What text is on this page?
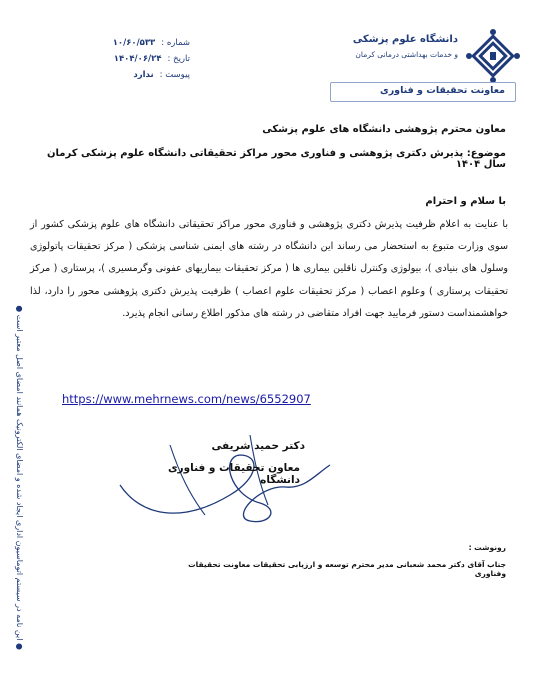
شماره :
۱۰/۶۰/۵۳۳
تاریخ :
۱۴۰۴/۰۶/۲۴
پیوست :
ندارد
دانشگاه علوم پزشکی
و خدمات بهداشتی درمانی کرمان
معاونت تحقیقات و فناوری
معاون محترم پژوهشی دانشگاه های علوم پزشکی
موضوع: پذیرش دکتری پژوهشی و فناوری محور مراکز تحقیقاتی دانشگاه علوم پزشکی کرمان سال ۱۴۰۴
با سلام و احترام
با عنایت به اعلام ظرفیت پذیرش دکتری پژوهشی و فناوری محور مراکز تحقیقاتی دانشگاه های علوم پزشکی کشور از سوی وزارت متبوع به استحضار می رساند این دانشگاه در رشته های ایمنی شناسی پزشکی ( مرکز تحقیقات پاتولوژی وسلول های بنیادی )، بیولوژی وکنترل ناقلین بیماری ها ( مرکز تحقیقات بیماریهای عفونی وگرمسیری )، پرستاری ( مرکز تحقیقات پرستاری ) وعلوم اعصاب ( مرکز تحقیقات علوم اعصاب ) ظرفیت پذیرش دکتری پژوهشی محور را دارد، لذا خواهشمنداست دستور فرمایید جهت افراد متقاضی در رشته های مذکور اطلاع رسانی انجام پذیرد.
https://www.mehrnews.com/news/6552907
دکتر حمید شریفی
معاون تحقیقات و فناوری دانشگاه
رونوشت :
جناب آقای دکتر محمد شعبانی مدیر محترم توسعه و ارزیابی تحقیقات معاونت تحقیقات وفناوری
● این نامه در سیستم اتوماسیون اداری ایجاد شده و امضای الکترونیک همانند امضای اصل معتبر است ●
